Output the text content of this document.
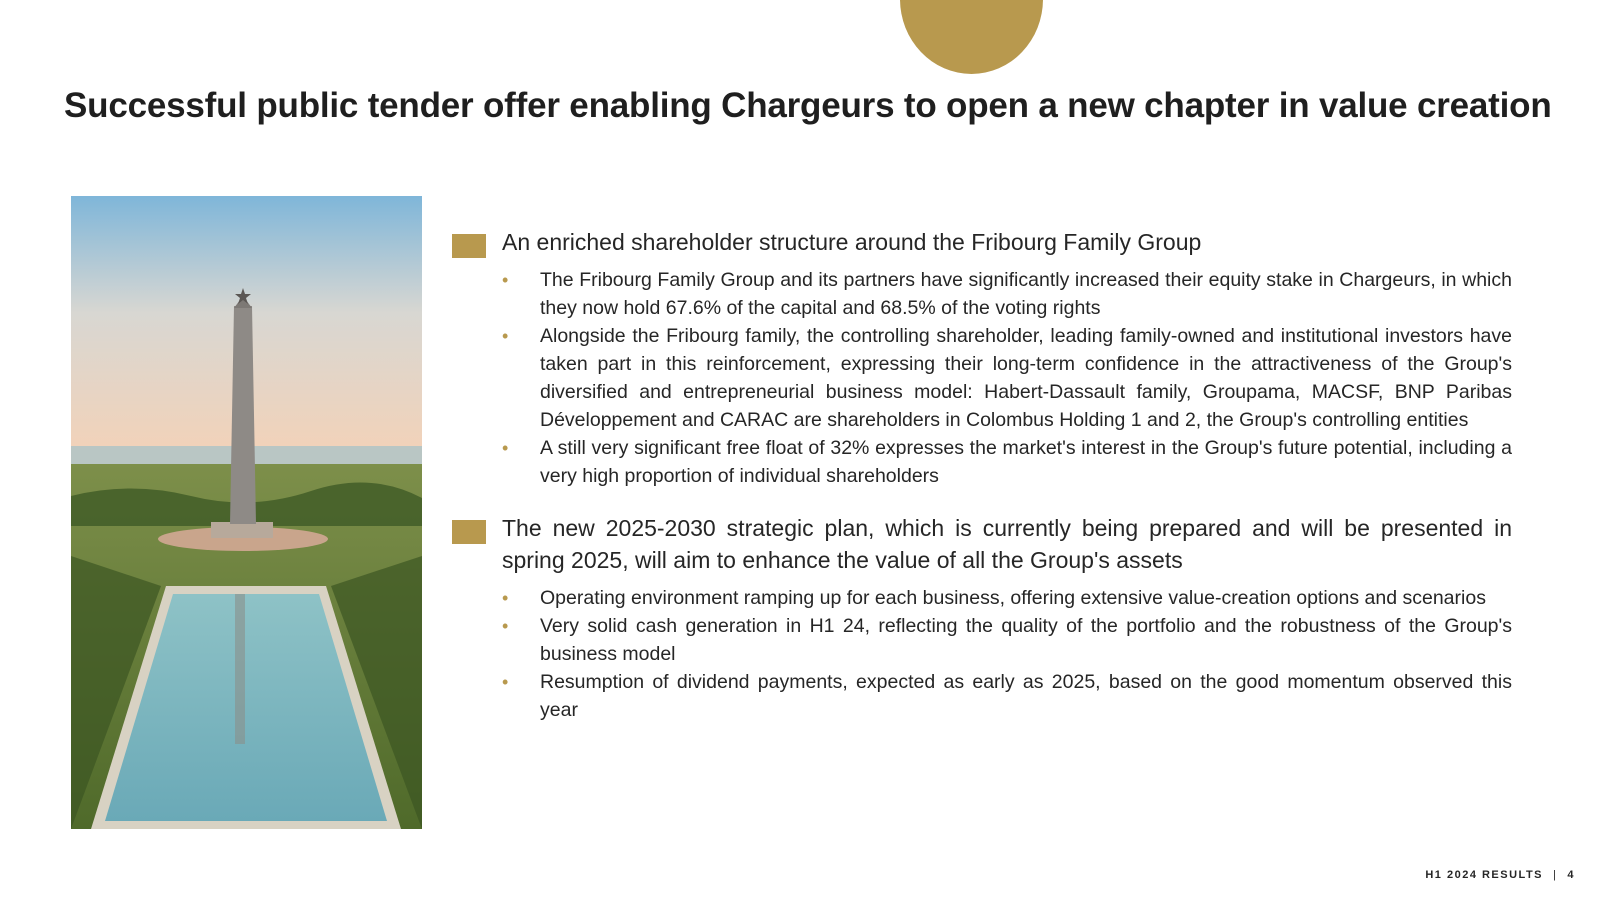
Successful public tender offer enabling Chargeurs to open a new chapter in value creation
An enriched shareholder structure around the Fribourg Family Group
• The Fribourg Family Group and its partners have significantly increased their equity stake in Chargeurs, in which they now hold 67.6% of the capital and 68.5% of the voting rights
• Alongside the Fribourg family, the controlling shareholder, leading family-owned and institutional investors have taken part in this reinforcement, expressing their long-term confidence in the attractiveness of the Group's diversified and entrepreneurial business model: Habert-Dassault family, Groupama, MACSF, BNP Paribas Développement and CARAC are shareholders in Colombus Holding 1 and 2, the Group's controlling entities
• A still very significant free float of 32% expresses the market's interest in the Group's future potential, including a very high proportion of individual shareholders
The new 2025-2030 strategic plan, which is currently being prepared and will be presented in spring 2025, will aim to enhance the value of all the Group's assets
• Operating environment ramping up for each business, offering extensive value-creation options and scenarios
• Very solid cash generation in H1 24, reflecting the quality of the portfolio and the robustness of the Group's business model
• Resumption of dividend payments, expected as early as 2025, based on the good momentum observed this year
H1 2024 RESULTS | 4
